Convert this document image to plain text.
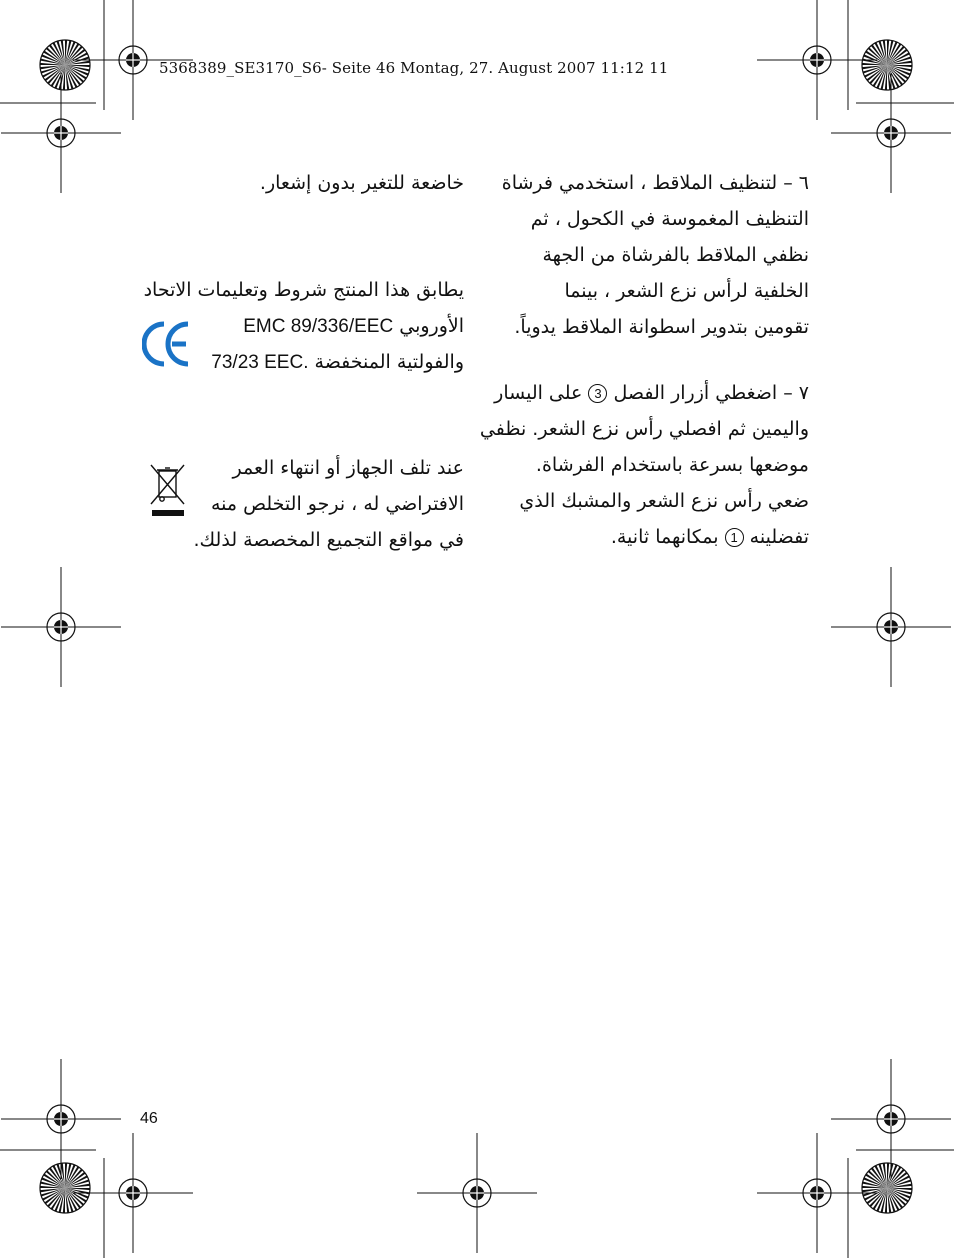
5368389_SE3170_S6- Seite 46 Montag, 27. August 2007 11:12 11
٦ – لتنظيف الملاقط ، استخدمي فرشاة
التنظيف المغموسة في الكحول ، ثم
نظفي الملاقط بالفرشاة من الجهة
الخلفية لرأس نزع الشعر ، بينما
تقومين بتدوير اسطوانة الملاقط يدوياً.
٧ – اضغطي أزرار الفصل 3 على اليسار
واليمين ثم افصلي رأس نزع الشعر. نظفي
موضعها بسرعة باستخدام الفرشاة.
ضعي رأس نزع الشعر والمشبك الذي
تفضلينه 1 بمكانهما ثانية.
خاضعة للتغير بدون إشعار.
يطابق هذا المنتج شروط وتعليمات الاتحاد
الأوروبي EMC 89/336/EEC
والفولتية المنخفضة 73/23 EEC.
عند تلف الجهاز أو انتهاء العمر
الافتراضي له ، نرجو التخلص منه
في مواقع التجميع المخصصة لذلك.
46
